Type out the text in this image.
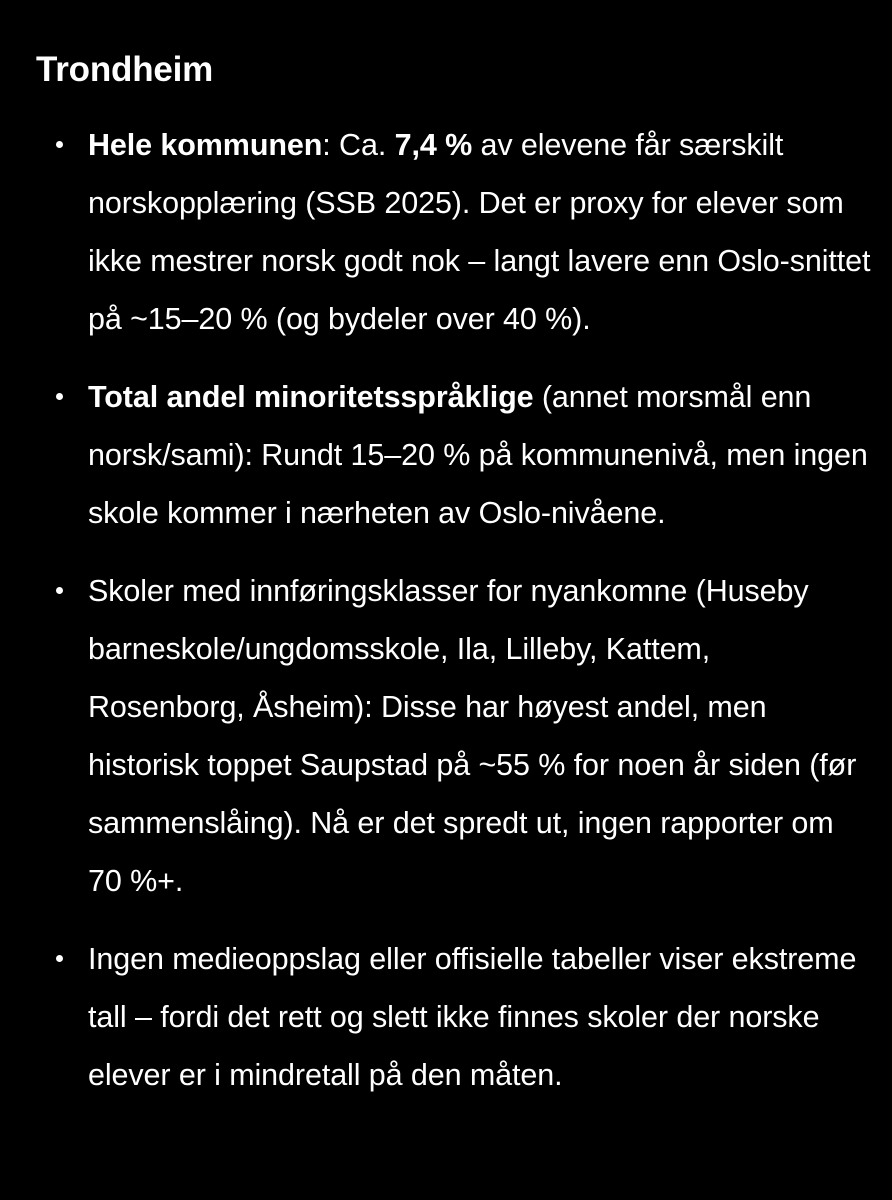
Trondheim
Hele kommunen: Ca. 7,4 % av elevene får særskilt norskopplæring (SSB 2025). Det er proxy for elever som ikke mestrer norsk godt nok – langt lavere enn Oslo-snittet på ~15–20 % (og bydeler over 40 %).
Total andel minoritetsspråklige (annet morsmål enn norsk/sami): Rundt 15–20 % på kommunenivå, men ingen skole kommer i nærheten av Oslo-nivåene.
Skoler med innføringsklasser for nyankomne (Huseby barneskole/ungdomsskole, Ila, Lilleby, Kattem, Rosenborg, Åsheim): Disse har høyest andel, men historisk toppet Saupstad på ~55 % for noen år siden (før sammenslåing). Nå er det spredt ut, ingen rapporter om 70 %+.
Ingen medieoppslag eller offisielle tabeller viser ekstreme tall – fordi det rett og slett ikke finnes skoler der norske elever er i mindretall på den måten.
